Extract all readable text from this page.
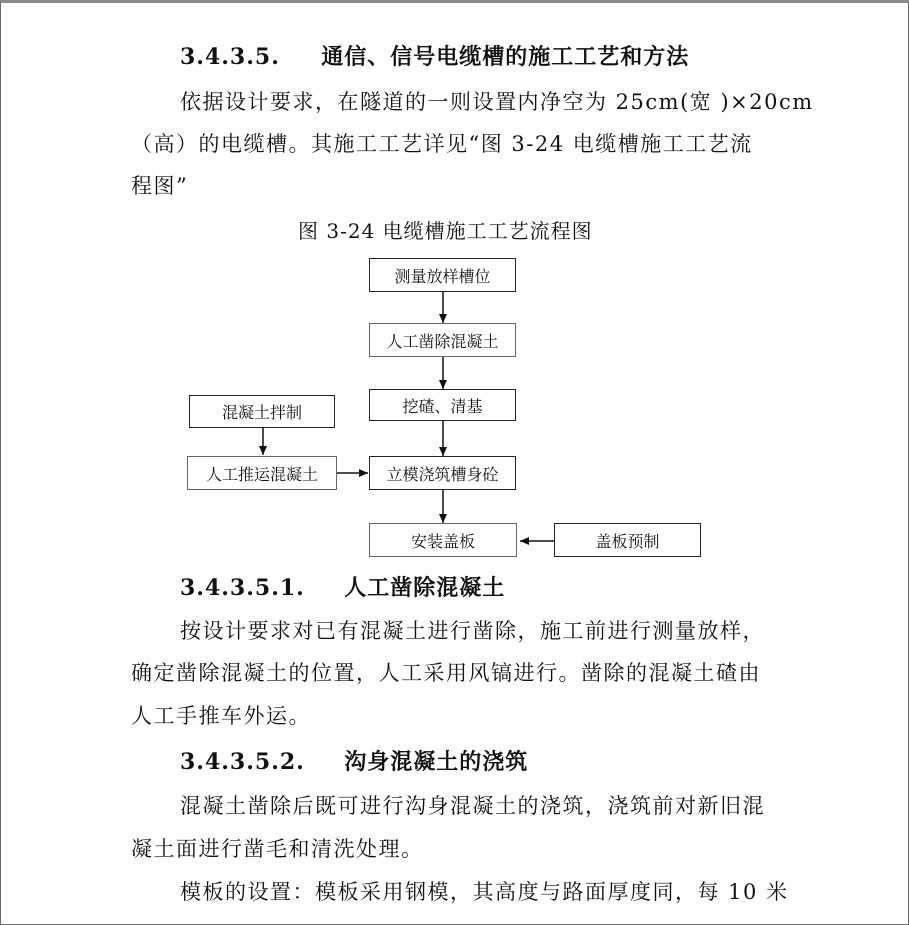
3.4.3.5. 通信、信号电缆槽的施工工艺和方法
依据设计要求，在隧道的一则设置内净空为 25cm(宽 )×20cm
（高）的电缆槽。其施工工艺详见“图 3-24 电缆槽施工工艺流
程图”
图 3-24 电缆槽施工工艺流程图
测量放样槽位
人工凿除混凝土
挖碴、清基
立模浇筑槽身砼
安装盖板
混凝土拌制
人工推运混凝土
盖板预制
3.4.3.5.1. 人工凿除混凝土
按设计要求对已有混凝土进行凿除，施工前进行测量放样，
确定凿除混凝土的位置，人工采用风镐进行。凿除的混凝土碴由
人工手推车外运。
3.4.3.5.2. 沟身混凝土的浇筑
混凝土凿除后既可进行沟身混凝土的浇筑，浇筑前对新旧混
凝土面进行凿毛和清洗处理。
模板的设置：模板采用钢模，其高度与路面厚度同，每 10 米
